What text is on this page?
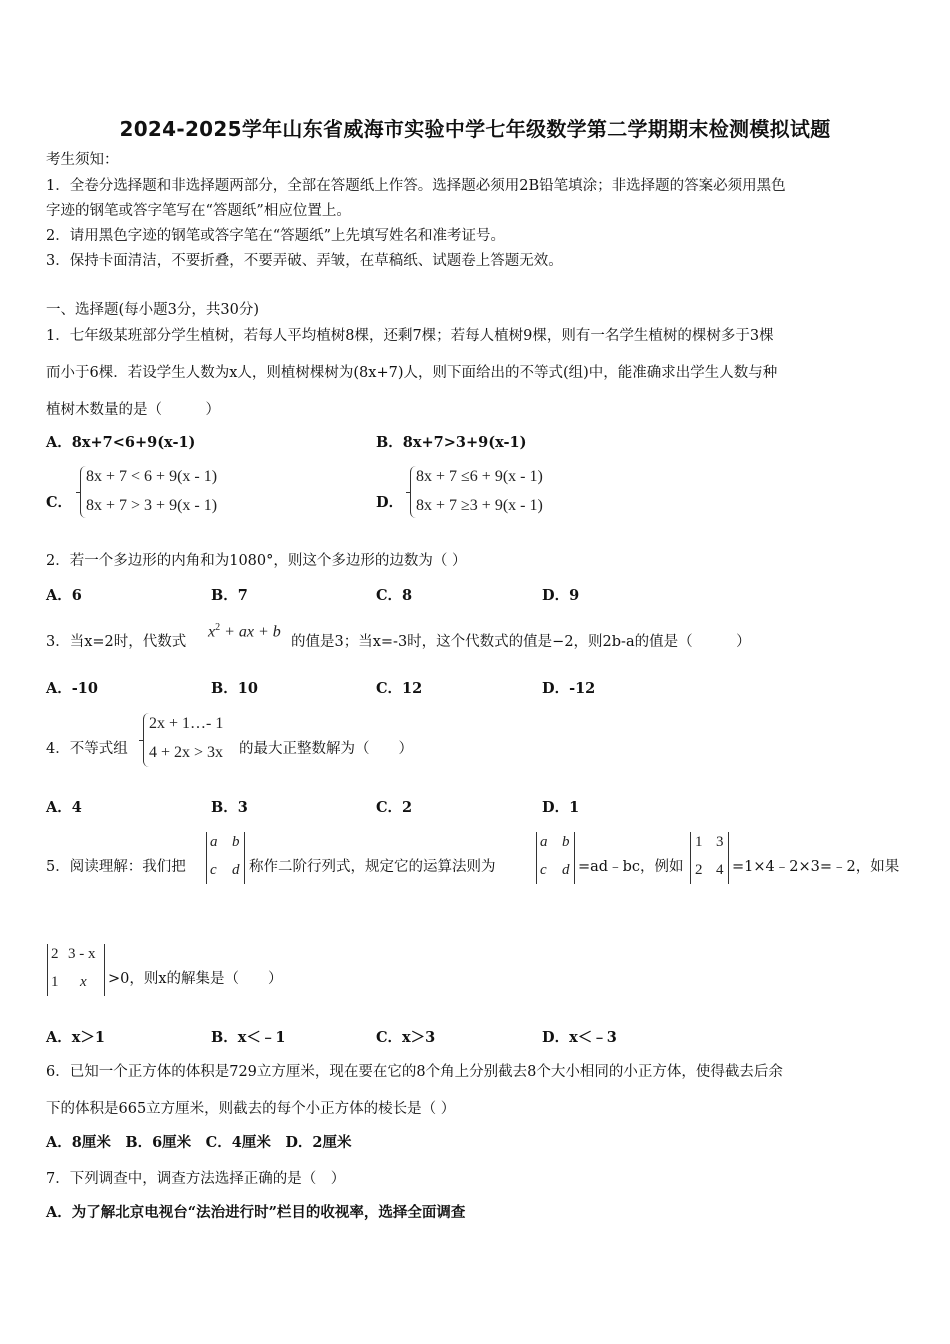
2024-2025学年山东省威海市实验中学七年级数学第二学期期末检测模拟试题
考生须知：
1．全卷分选择题和非选择题两部分，全部在答题纸上作答。选择题必须用2B铅笔填涂；非选择题的答案必须用黑色
字迹的钢笔或答字笔写在“答题纸”相应位置上。
2．请用黑色字迹的钢笔或答字笔在“答题纸”上先填写姓名和准考证号。
3．保持卡面清洁，不要折叠，不要弄破、弄皱，在草稿纸、试题卷上答题无效。
一、选择题(每小题3分，共30分)
1．七年级某班部分学生植树，若每人平均植树8棵，还剩7棵；若每人植树9棵，则有一名学生植树的棵树多于3棵
而小于6棵．若设学生人数为x人，则植树棵树为(8x+7)人，则下面给出的不等式(组)中，能准确求出学生人数与种
植树木数量的是（　　　）
A．8x+7<6+9(x-1)	B．8x+7>3+9(x-1)
C．
8x + 7 < 6 + 9(x - 1)
8x + 7 > 3 + 9(x - 1)	D．
8x + 7 ≤6 + 9(x - 1)
8x + 7 ≥3 + 9(x - 1)
2．若一个多边形的内角和为1080°，则这个多边形的边数为（ ）
A．6	B．7	C．8	D．9
3．当x=2时，代数式
$x^2$ + ax + b
的值是3；当x=-3时，这个代数式的值是−2，则2b-a的值是（　　　）
A．-10	B．10	C．12	D．-12
4．不等式组
2x + 1…- 1
4 + 2x > 3x 的最大正整数解为（　　）
A．4	B．3	C．2	D．1
5．阅读理解：我们把
a b
c d 称作二阶行列式，规定它的运算法则为
a b
c d =ad﹣bc，例如
1 3
2 4 =1×4﹣2×3=﹣2，如果
2 3 - x
1 x >0，则x的解集是（　　）
A．x＞1	B．x＜﹣1	C．x＞3	D．x＜﹣3
6．已知一个正方体的体积是729立方厘米，现在要在它的8个角上分别截去8个大小相同的小正方体，使得截去后余
下的体积是665立方厘米，则截去的每个小正方体的棱长是（ ）
A．8厘米　B．6厘米　C．4厘米　D．2厘米
7．下列调查中，调查方法选择正确的是（　）
A．为了解北京电视台“法治进行时”栏目的收视率，选择全面调查
